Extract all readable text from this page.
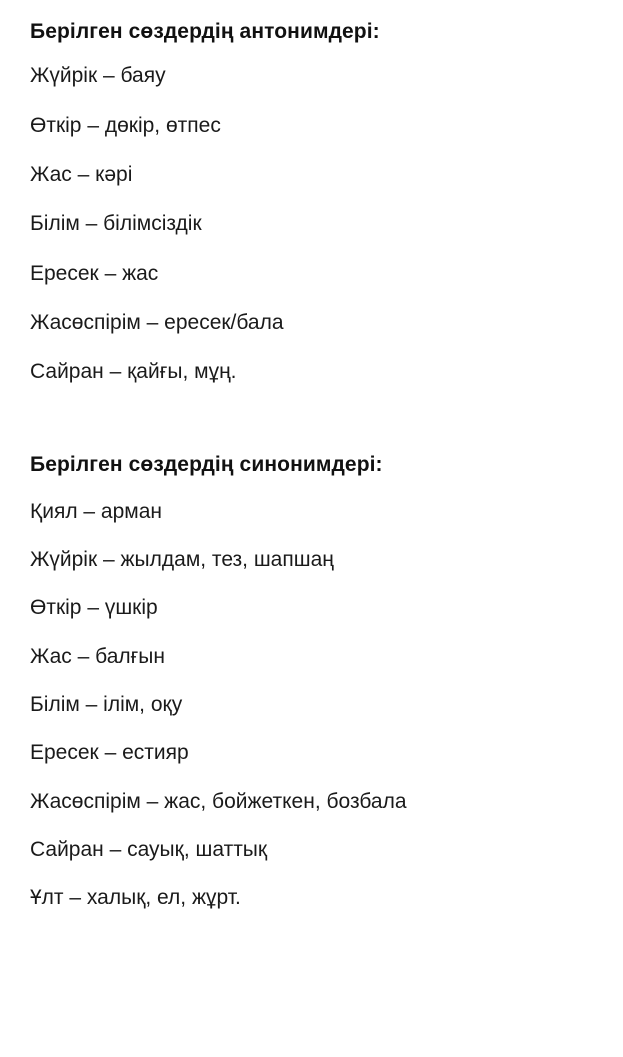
Берілген сөздердің антонимдері:
Жүйрік – баяу
Өткір – дөкір, өтпес
Жас – кәрі
Білім – білімсіздік
Ересек – жас
Жасөспірім – ересек/бала
Сайран – қайғы, мұң.
Берілген сөздердің синонимдері:
Қиял – арман
Жүйрік – жылдам, тез, шапшаң
Өткір – үшкір
Жас – балғын
Білім – ілім, оқу
Ересек – естияр
Жасөспірім – жас, бойжеткен, бозбала
Сайран – сауық, шаттық
Ұлт – халық, ел, жұрт.
